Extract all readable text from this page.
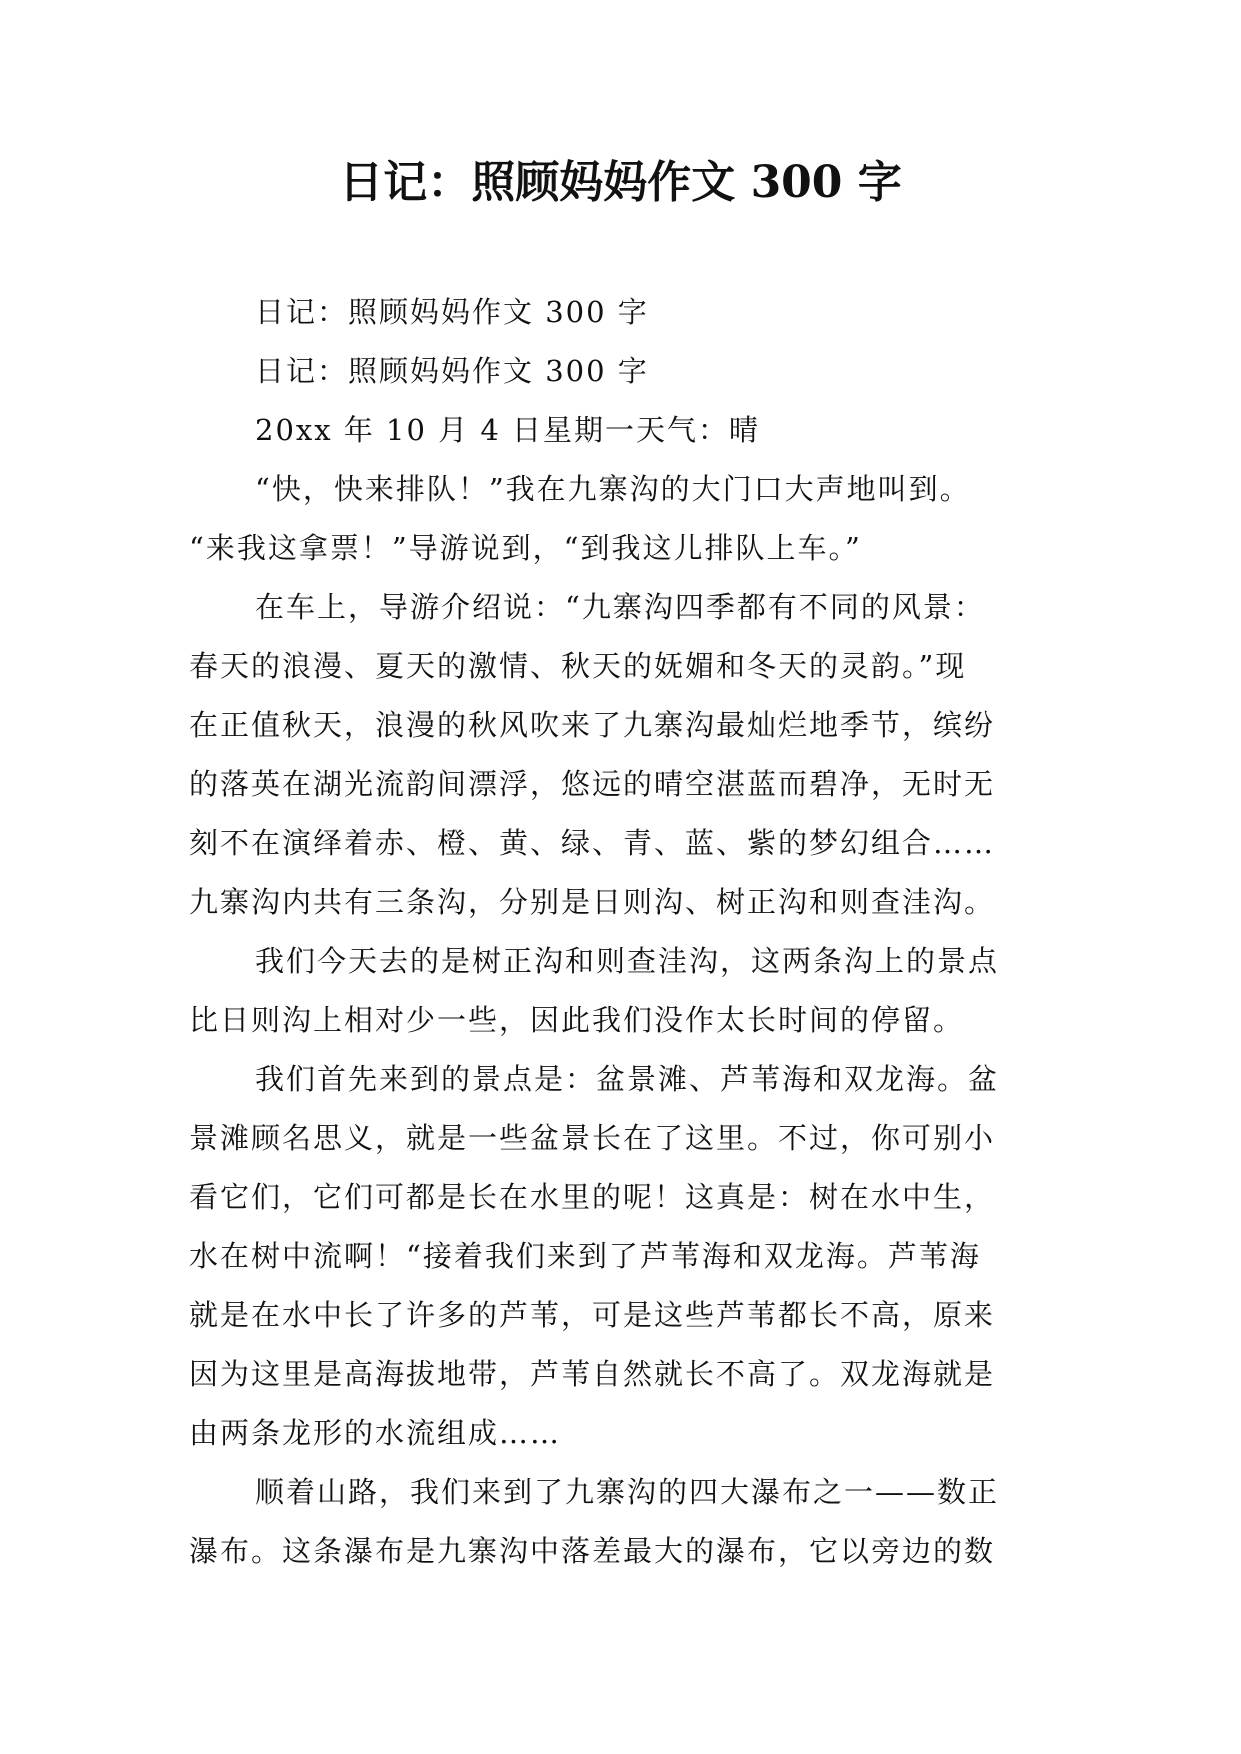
日记：照顾妈妈作文 300 字
日记：照顾妈妈作文 300 字
日记：照顾妈妈作文 300 字
20xx 年 10 月 4 日星期一天气：晴
“快，快来排队！”我在九寨沟的大门口大声地叫到。
“来我这拿票！”导游说到，“到我这儿排队上车。”
在车上，导游介绍说：“九寨沟四季都有不同的风景：
春天的浪漫、夏天的激情、秋天的妩媚和冬天的灵韵。”现
在正值秋天，浪漫的秋风吹来了九寨沟最灿烂地季节，缤纷
的落英在湖光流韵间漂浮，悠远的晴空湛蓝而碧净，无时无
刻不在演绎着赤、橙、黄、绿、青、蓝、紫的梦幻组合……
九寨沟内共有三条沟，分别是日则沟、树正沟和则查洼沟。
我们今天去的是树正沟和则查洼沟，这两条沟上的景点
比日则沟上相对少一些，因此我们没作太长时间的停留。
我们首先来到的景点是：盆景滩、芦苇海和双龙海。盆
景滩顾名思义，就是一些盆景长在了这里。不过，你可别小
看它们，它们可都是长在水里的呢！这真是：树在水中生，
水在树中流啊！“接着我们来到了芦苇海和双龙海。芦苇海
就是在水中长了许多的芦苇，可是这些芦苇都长不高，原来
因为这里是高海拔地带，芦苇自然就长不高了。双龙海就是
由两条龙形的水流组成……
顺着山路，我们来到了九寨沟的四大瀑布之一——数正
瀑布。这条瀑布是九寨沟中落差最大的瀑布，它以旁边的数
